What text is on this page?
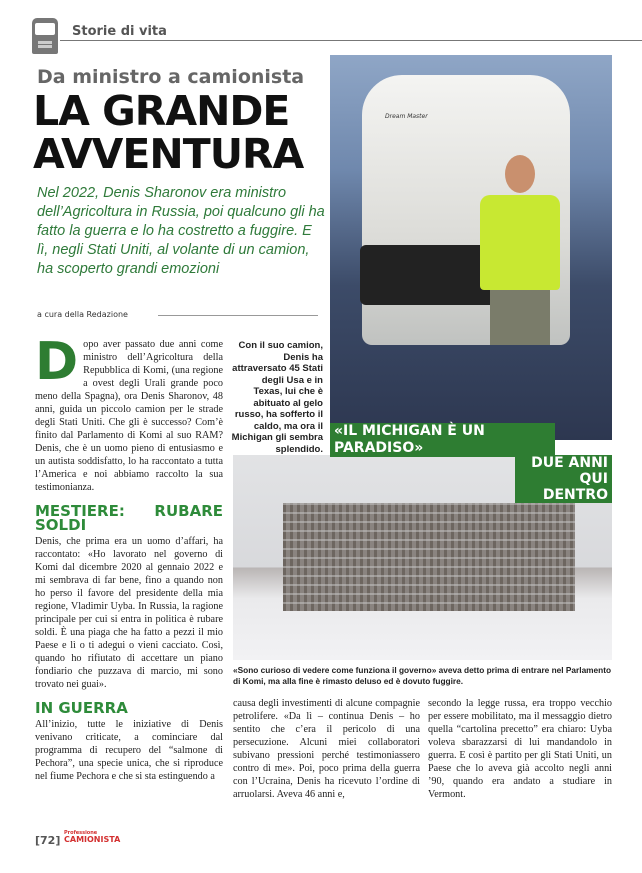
Storie di vita
Da ministro a camionista
LA GRANDE
AVVENTURA
Nel 2022, Denis Sharonov era ministro dell’Agricoltura in Russia, poi qualcuno gli ha fatto la guerra e lo ha costretto a fuggire. E lì, negli Stati Uniti, al volante di un camion, ha scoperto grandi emozioni
a cura della Redazione
D opo aver passato due anni come ministro dell’Agricoltura della Repubblica di Komi, (una regione a ovest degli Urali grande poco meno della Spagna), ora Denis Sharonov, 48 anni, guida un piccolo camion per le strade degli Stati Uniti. Che gli è successo? Com’è finito dal Parlamento di Komi al suo RAM? Denis, che è un uomo pieno di entusiasmo e un autista soddisfatto, lo ha raccontato a tutta l’America e noi abbiamo raccolto la sua testimonianza.
MESTIERE: RUBARE SOLDI

Denis, che prima era un uomo d’affari, ha raccontato: «Ho lavorato nel governo di Komi dal dicembre 2020 al gennaio 2022 e mi sembrava di far bene, fino a quando non ho perso il favore del presidente della mia regione, Vladimir Uyba. In Russia, la ragione principale per cui si entra in politica è rubare soldi. È una piaga che ha fatto a pezzi il mio Paese e lì o ti adegui o vieni cacciato. Così, quando ho rifiutato di accettare un piano fondiario che puzzava di marcio, mi sono trovato nei guai».

IN GUERRA

All’inizio, tutte le iniziative di Denis venivano criticate, a cominciare dal programma di recupero del “salmone di Pechora”, una specie unica, che si riproduce nel fiume Pechora e che si sta estinguendo a

Dream Master
Con il suo camion, Denis ha attraversato 45 Stati degli Usa e in Texas, lui che è abituato al gelo russo, ha sofferto il caldo, ma ora il Michigan gli sembra splendido.
«IL MICHIGAN È UN PARADISO»
DUE ANNI
QUI DENTRO
«Sono curioso di vedere come funziona il governo» aveva detto prima di entrare nel Parlamento di Komi, ma alla fine è rimasto deluso ed è dovuto fuggire.
causa degli investimenti di alcune compagnie petrolifere. «Da lì – continua Denis – ho sentito che c’era il pericolo di una persecuzione. Alcuni miei collaboratori subivano pressioni perché testimoniassero contro di me». Poi, poco prima della guerra con l’Ucraina, Denis ha ricevuto l’ordine di arruolarsi. Aveva 46 anni e,
secondo la legge russa, era troppo vecchio per essere mobilitato, ma il messaggio dietro quella “cartolina precetto” era chiaro: Uyba voleva sbarazzarsi di lui mandandolo in guerra. E così è partito per gli Stati Uniti, un Paese che lo aveva già accolto negli anni ’90, quando era andato a studiare in Vermont.
[72]
Professione
CAMIONISTA
